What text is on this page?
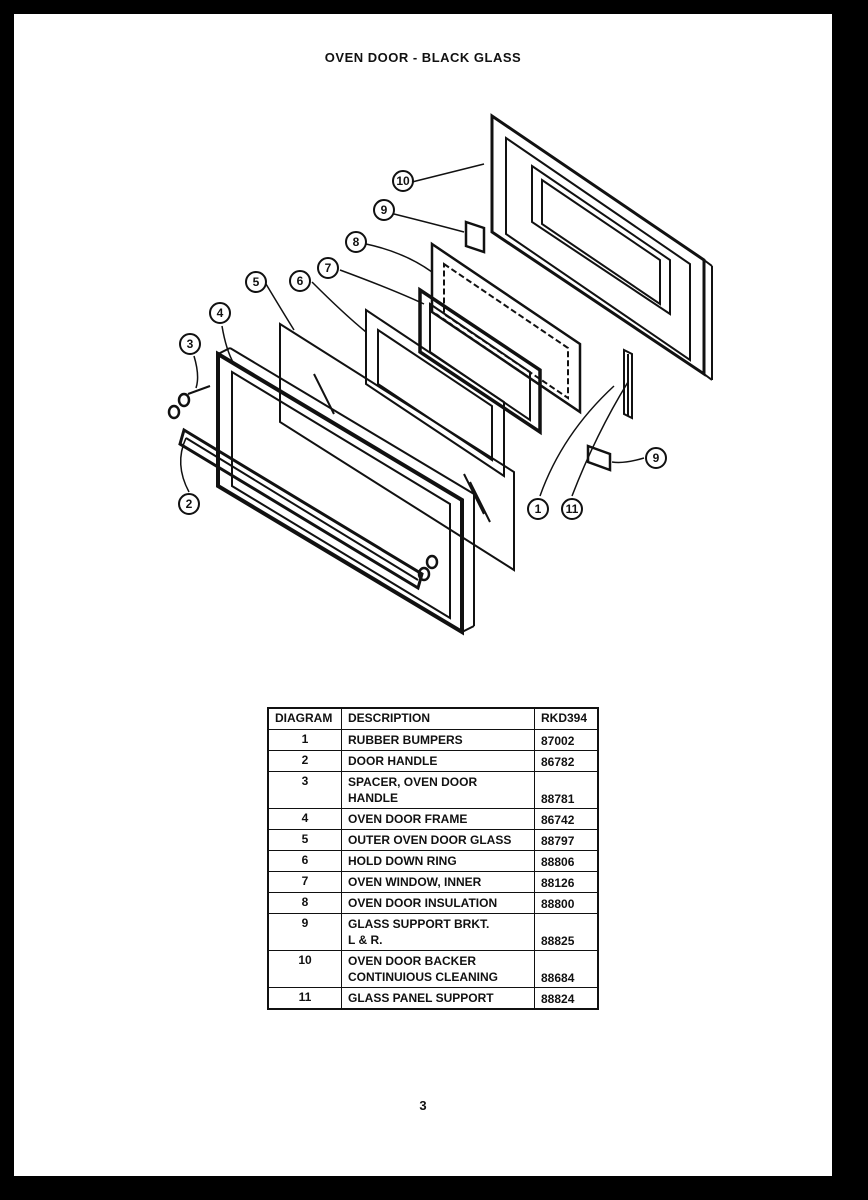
OVEN DOOR - BLACK GLASS
10
9
8
7
6
5
4
3
2
9
1 11
DIAGRAM	DESCRIPTION	RKD394
1	RUBBER BUMPERS	87002
2	DOOR HANDLE	86782
3	SPACER, OVEN DOOR
HANDLE	88781
4	OVEN DOOR FRAME	86742
5	OUTER OVEN DOOR GLASS	88797
6	HOLD DOWN RING	88806
7	OVEN WINDOW, INNER	88126
8	OVEN DOOR INSULATION	88800
9	GLASS SUPPORT BRKT.
L & R.	88825
10	OVEN DOOR BACKER
CONTINUIOUS CLEANING	88684
11	GLASS PANEL SUPPORT	88824
3
